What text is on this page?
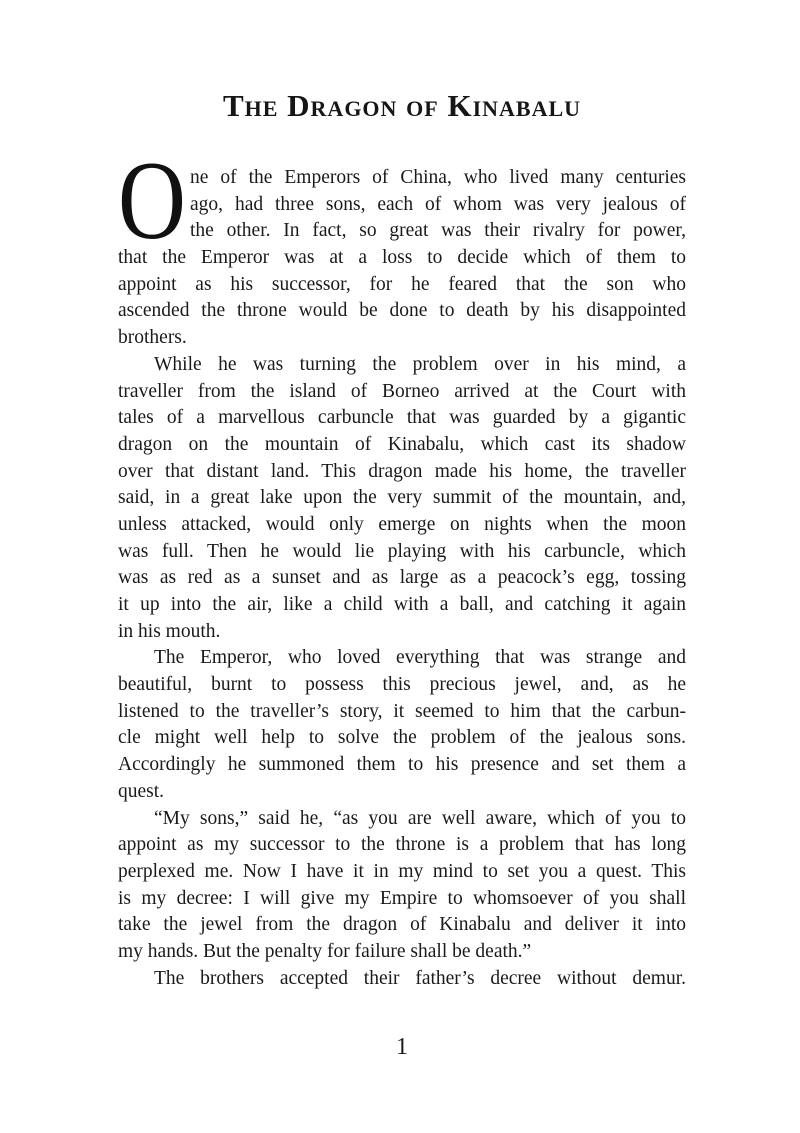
The Dragon of Kinabalu
O ne of the Emperors of China, who lived many centuries
ago, had three sons, each of whom was very jealous of
the other. In fact, so great was their rivalry for power,
that the Emperor was at a loss to decide which of them to
appoint as his successor, for he feared that the son who
ascended the throne would be done to death by his disappointed
brothers.
While he was turning the problem over in his mind, a
traveller from the island of Borneo arrived at the Court with
tales of a marvellous carbuncle that was guarded by a gigantic
dragon on the mountain of Kinabalu, which cast its shadow
over that distant land. This dragon made his home, the traveller
said, in a great lake upon the very summit of the mountain, and,
unless attacked, would only emerge on nights when the moon
was full. Then he would lie playing with his carbuncle, which
was as red as a sunset and as large as a peacock’s egg, tossing
it up into the air, like a child with a ball, and catching it again
in his mouth.
The Emperor, who loved everything that was strange and
beautiful, burnt to possess this precious jewel, and, as he
listened to the traveller’s story, it seemed to him that the carbun-
cle might well help to solve the problem of the jealous sons.
Accordingly he summoned them to his presence and set them a
quest.
“My sons,” said he, “as you are well aware, which of you to
appoint as my successor to the throne is a problem that has long
perplexed me. Now I have it in my mind to set you a quest. This
is my decree: I will give my Empire to whomsoever of you shall
take the jewel from the dragon of Kinabalu and deliver it into
my hands. But the penalty for failure shall be death.”
The brothers accepted their father’s decree without demur.
1
